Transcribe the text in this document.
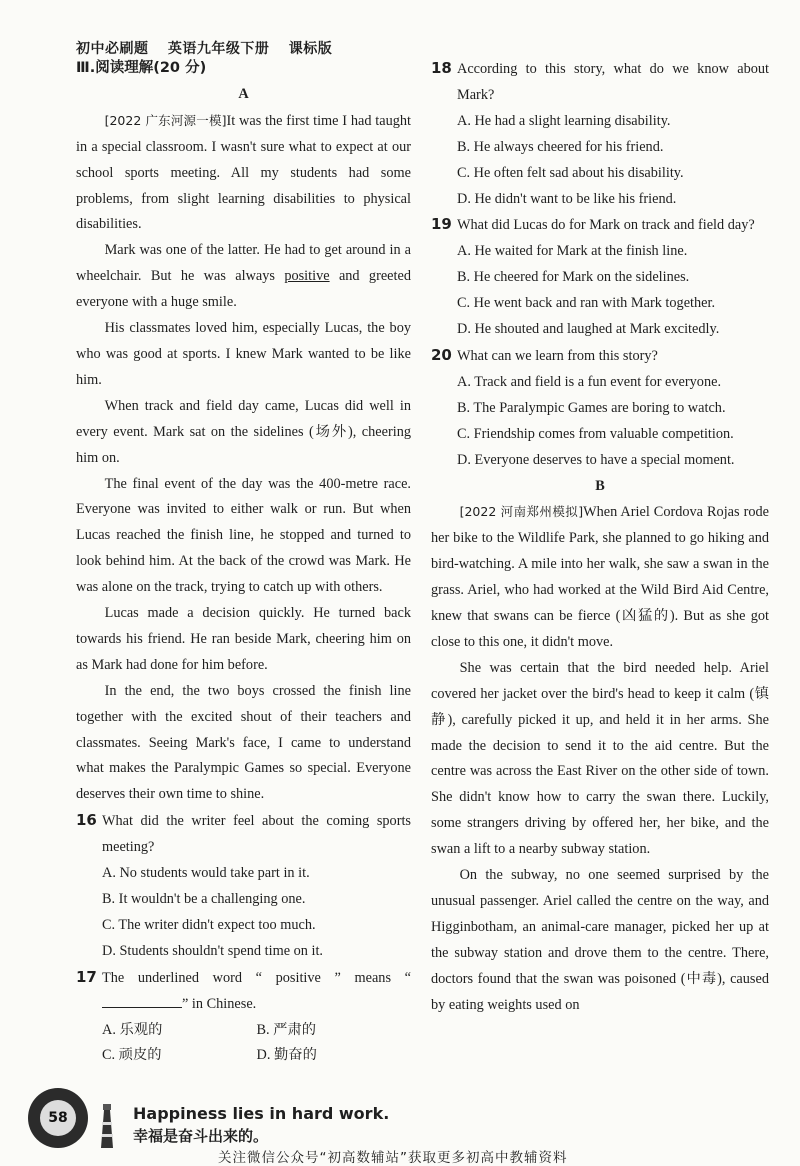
初中必刷题 英语九年级下册 课标版
Ⅲ.阅读理解(20 分)
A

[2022 广东河源一模]It was the first time I had taught in a special classroom. I wasn't sure what to expect at our school sports meeting. All my students had some problems, from slight learning disabilities to physical disabilities.

Mark was one of the latter. He had to get around in a wheelchair. But he was always positive and greeted everyone with a huge smile.

His classmates loved him, especially Lucas, the boy who was good at sports. I knew Mark wanted to be like him.

When track and field day came, Lucas did well in every event. Mark sat on the sidelines (场外), cheering him on.

The final event of the day was the 400-metre race. Everyone was invited to either walk or run. But when Lucas reached the finish line, he stopped and turned to look behind him. At the back of the crowd was Mark. He was alone on the track, trying to catch up with others.

Lucas made a decision quickly. He turned back towards his friend. He ran beside Mark, cheering him on as Mark had done for him before.

In the end, the two boys crossed the finish line together with the excited shout of their teachers and classmates. Seeing Mark's face, I came to understand what makes the Paralympic Games so special. Everyone deserves their own time to shine.

16 What did the writer feel about the coming sports meeting?

A. No students would take part in it.

B. It wouldn't be a challenging one.

C. The writer didn't expect too much.

D. Students shouldn't spend time on it.

17 The underlined word “ positive ” means “” in Chinese.

A. 乐观的	B. 严肃的
C. 顽皮的	D. 勤奋的

18 According to this story, what do we know about Mark?

A. He had a slight learning disability.

B. He always cheered for his friend.

C. He often felt sad about his disability.

D. He didn't want to be like his friend.

19 What did Lucas do for Mark on track and field day?

A. He waited for Mark at the finish line.

B. He cheered for Mark on the sidelines.

C. He went back and ran with Mark together.

D. He shouted and laughed at Mark excitedly.

20 What can we learn from this story?

A. Track and field is a fun event for everyone.

B. The Paralympic Games are boring to watch.

C. Friendship comes from valuable competition.

D. Everyone deserves to have a special moment.

B

[2022 河南郑州模拟]When Ariel Cordova Rojas rode her bike to the Wildlife Park, she planned to go hiking and bird-watching. A mile into her walk, she saw a swan in the grass. Ariel, who had worked at the Wild Bird Aid Centre, knew that swans can be fierce (凶猛的). But as she got close to this one, it didn't move.

She was certain that the bird needed help. Ariel covered her jacket over the bird's head to keep it calm (镇静), carefully picked it up, and held it in her arms. She made the decision to send it to the aid centre. But the centre was across the East River on the other side of town. She didn't know how to carry the swan there. Luckily, some strangers driving by offered her, her bike, and the swan a lift to a nearby subway station.

On the subway, no one seemed surprised by the unusual passenger. Ariel called the centre on the way, and Higginbotham, an animal-care manager, picked her up at the subway station and drove them to the centre. There, doctors found that the swan was poisoned (中毒), caused by eating weights used on

58	Happiness lies in hard work.
幸福是奋斗出来的。
关注微信公众号“初高数辅站”获取更多初高中教辅资料
